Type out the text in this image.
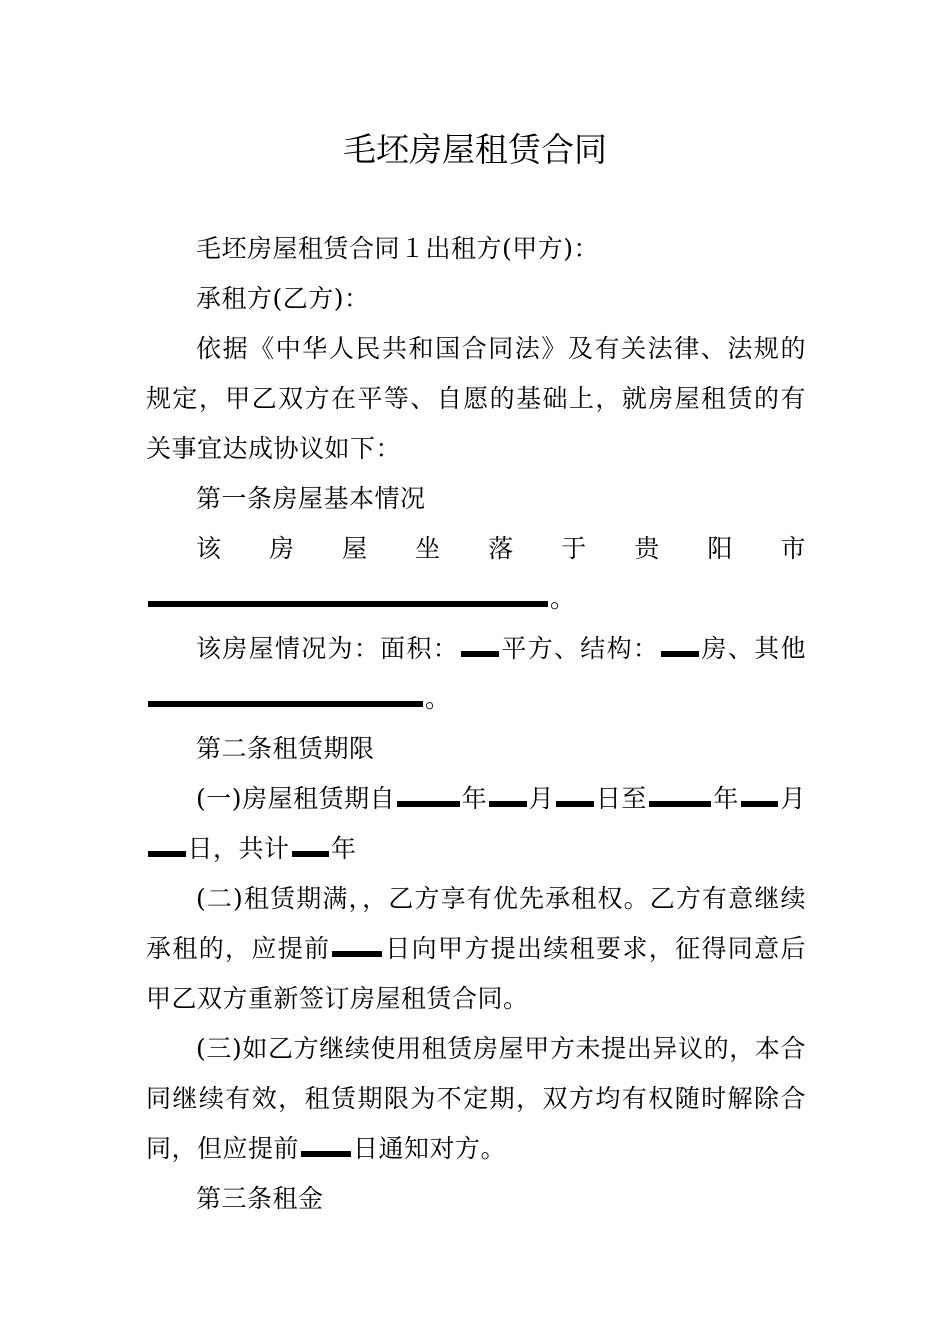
毛坯房屋租赁合同

毛坯房屋租赁合同１出租方(甲方)：

承租方(乙方)：

依据《中华人民共和国合同法》及有关法律、法规的规定，甲乙双方在平等、自愿的基础上，就房屋租赁的有关事宜达成协议如下：

第一条房屋基本情况

该房屋坐落于贵阳市。

该房屋情况为：面积： 平方、结构： 房、其他。

第二条租赁期限

(一)房屋租赁期自	年 月 日至	年 月日，共计 年

(二)租赁期满，，乙方享有优先承租权。乙方有意继续承租的，应提前 日向甲方提出续租要求，征得同意后甲乙双方重新签订房屋租赁合同。

(三)如乙方继续使用租赁房屋甲方未提出异议的，本合同继续有效，租赁期限为不定期，双方均有权随时解除合同，但应提前 日通知对方。

第三条租金
